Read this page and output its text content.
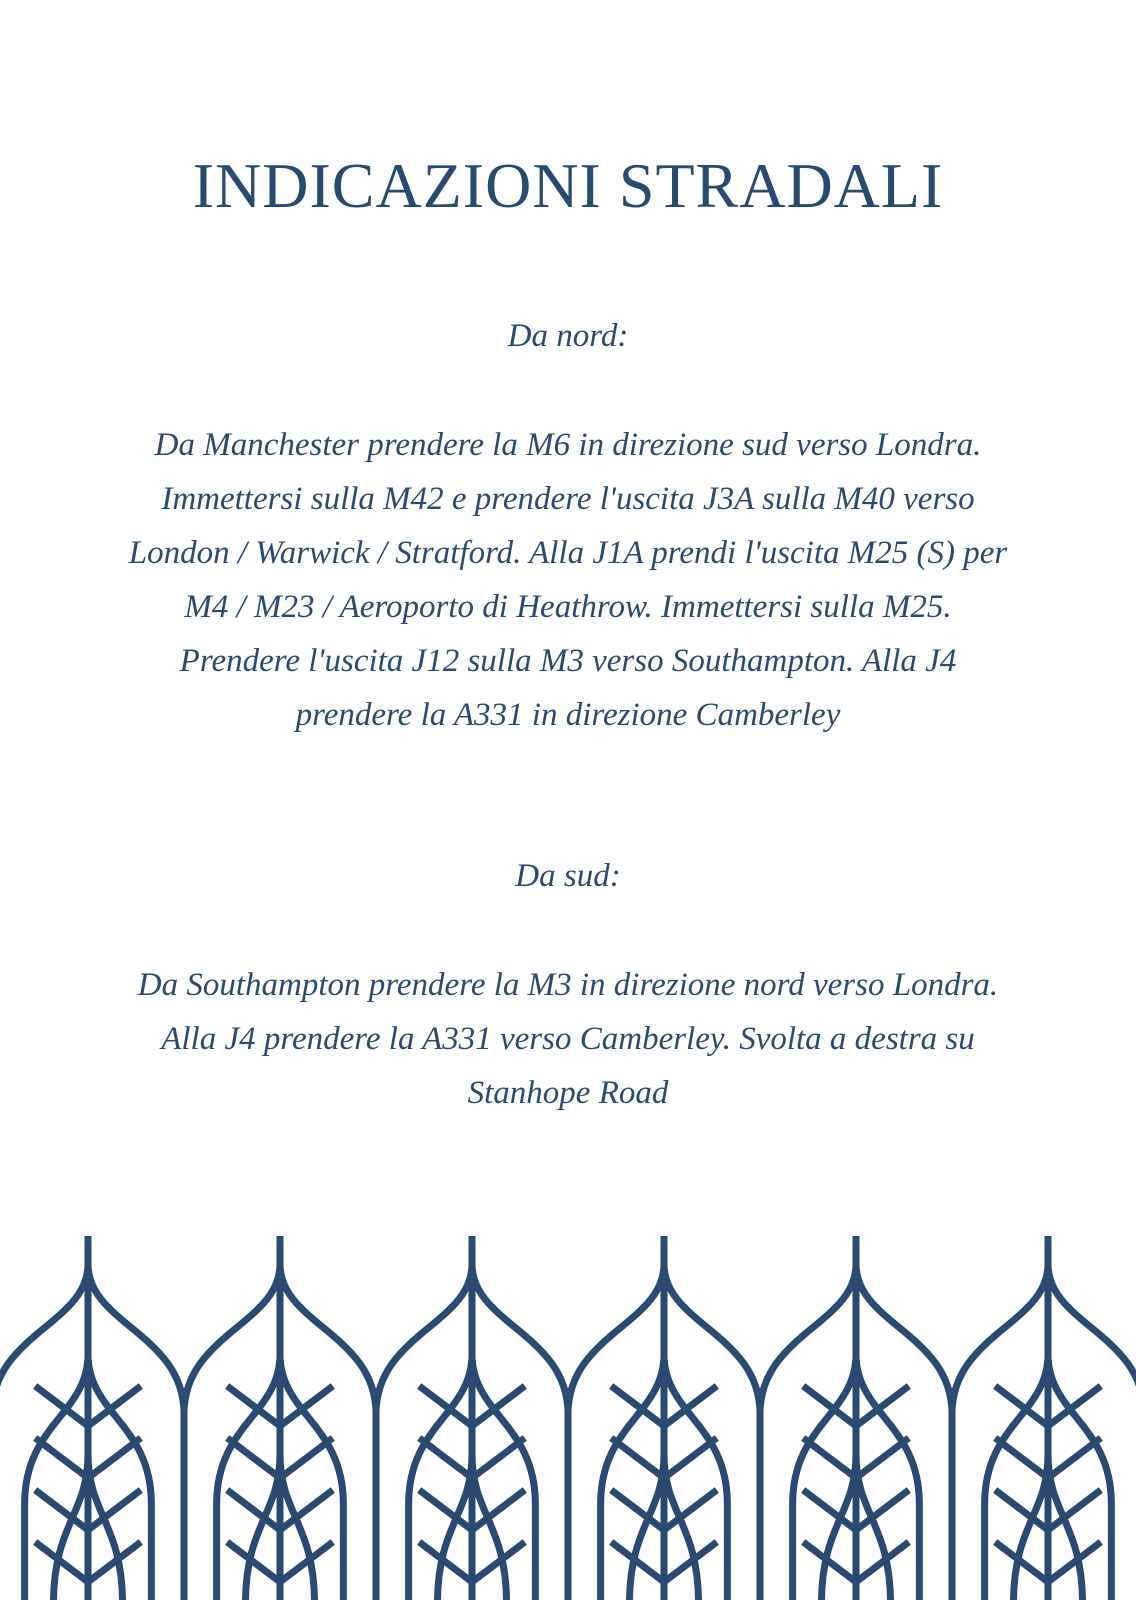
INDICAZIONI STRADALI
Da nord:

Da Manchester prendere la M6 in direzione sud verso Londra. Immettersi sulla M42 e prendere l'uscita J3A sulla M40 verso London / Warwick / Stratford. Alla J1A prendi l'uscita M25 (S) per M4 / M23 / Aeroporto di Heathrow. Immettersi sulla M25. Prendere l'uscita J12 sulla M3 verso Southampton. Alla J4 prendere la A331 in direzione Camberley

Da sud:

Da Southampton prendere la M3 in direzione nord verso Londra. Alla J4 prendere la A331 verso Camberley. Svolta a destra su Stanhope Road
